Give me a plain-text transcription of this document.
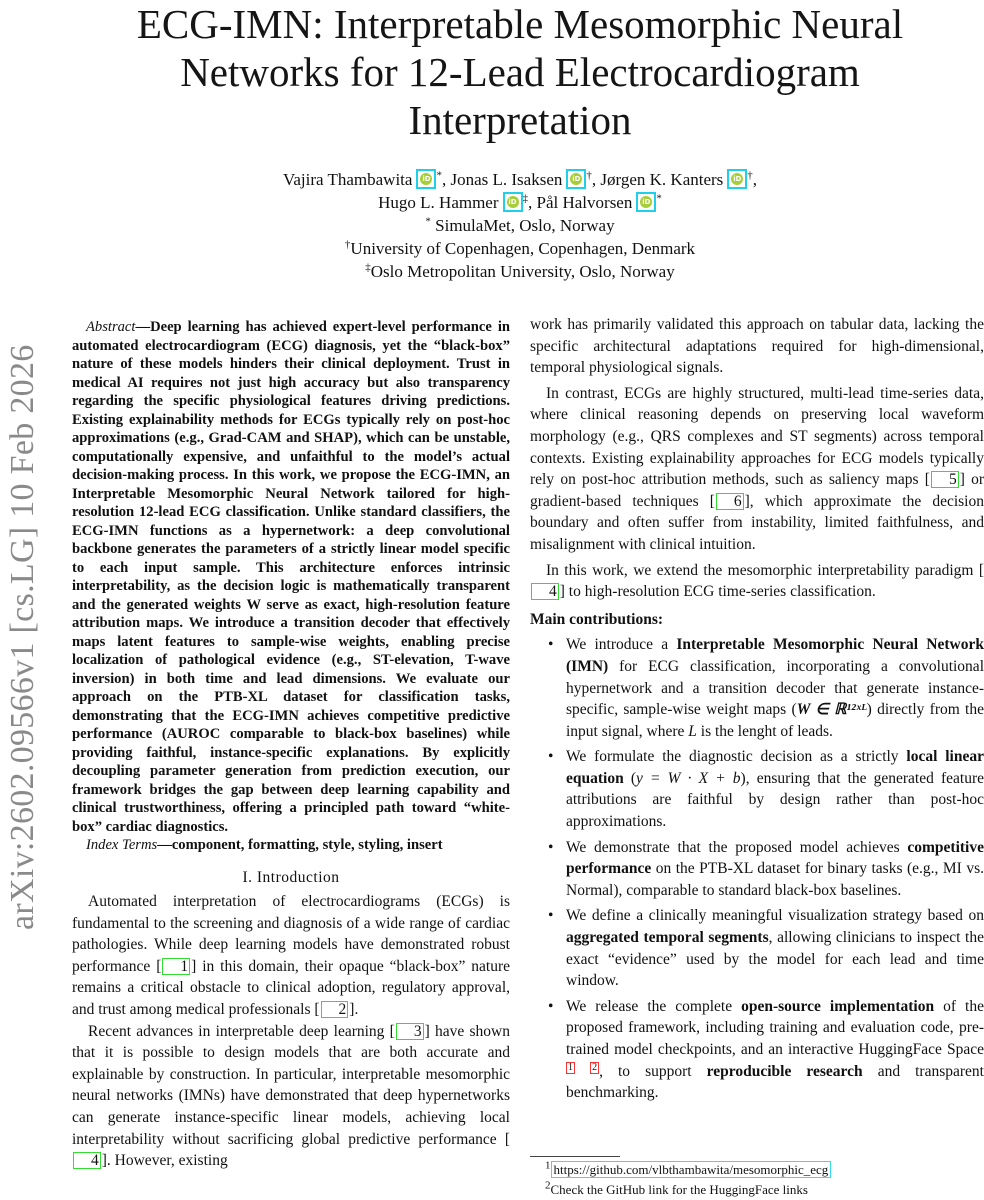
ECG-IMN: Interpretable Mesomorphic Neural Networks for 12-Lead Electrocardiogram Interpretation
Vajira Thambawita iD *, Jonas L. Isaksen iD †, Jørgen K. Kanters iD †,
Hugo L. Hammer iD ‡, Pål Halvorsen iD *
* SimulaMet, Oslo, Norway
†University of Copenhagen, Copenhagen, Denmark
‡Oslo Metropolitan University, Oslo, Norway
arXiv:2602.09566v1 [cs.LG] 10 Feb 2026

Abstract—Deep learning has achieved expert-level performance in automated electrocardiogram (ECG) diagnosis, yet the “black-box” nature of these models hinders their clinical deployment. Trust in medical AI requires not just high accuracy but also transparency regarding the specific physiological features driving predictions. Existing explainability methods for ECGs typically rely on post-hoc approximations (e.g., Grad-CAM and SHAP), which can be unstable, computationally expensive, and unfaithful to the model’s actual decision-making process. In this work, we propose the ECG-IMN, an Interpretable Mesomorphic Neural Network tailored for high-resolution 12-lead ECG classification. Unlike standard classifiers, the ECG-IMN functions as a hypernetwork: a deep convolutional backbone generates the parameters of a strictly linear model specific to each input sample. This architecture enforces intrinsic interpretability, as the decision logic is mathematically transparent and the generated weights W serve as exact, high-resolution feature attribution maps. We introduce a transition decoder that effectively maps latent features to sample-wise weights, enabling precise localization of pathological evidence (e.g., ST-elevation, T-wave inversion) in both time and lead dimensions. We evaluate our approach on the PTB-XL dataset for classification tasks, demonstrating that the ECG-IMN achieves competitive predictive performance (AUROC comparable to black-box baselines) while providing faithful, instance-specific explanations. By explicitly decoupling parameter generation from prediction execution, our framework bridges the gap between deep learning capability and clinical trustworthiness, offering a principled path toward “white-box” cardiac diagnostics.

Index Terms—component, formatting, style, styling, insert

I. Introduction

Automated interpretation of electrocardiograms (ECGs) is fundamental to the screening and diagnosis of a wide range of cardiac pathologies. While deep learning models have demonstrated robust performance [ 1 ] in this domain, their opaque “black-box” nature remains a critical obstacle to clinical adoption, regulatory approval, and trust among medical professionals [ 2 ].

Recent advances in interpretable deep learning [ 3 ] have shown that it is possible to design models that are both accurate and explainable by construction. In particular, interpretable mesomorphic neural networks (IMNs) have demonstrated that deep hypernetworks can generate instance-specific linear models, achieving local interpretability without sacrificing global predictive performance [4 ]. However, existing

work has primarily validated this approach on tabular data, lacking the specific architectural adaptations required for high-dimensional, temporal physiological signals.

In contrast, ECGs are highly structured, multi-lead time-series data, where clinical reasoning depends on preserving local waveform morphology (e.g., QRS complexes and ST segments) across temporal contexts. Existing explainability approaches for ECG models typically rely on post-hoc attribution methods, such as saliency maps [ 5 ] or gradient-based techniques [ 6 ], which approximate the decision boundary and often suffer from instability, limited faithfulness, and misalignment with clinical intuition.

In this work, we extend the mesomorphic interpretability paradigm [4 ] to high-resolution ECG time-series classification.

Main contributions:
• We introduce a Interpretable Mesomorphic Neural Network (IMN) for ECG classification, incorporating a convolutional hypernetwork and a transition decoder that generate instance-specific, sample-wise weight maps (W ∈ ℝ¹²ˣᴸ) directly from the input signal, where L is the lenght of leads.
• We formulate the diagnostic decision as a strictly local linear equation (y = W · X + b), ensuring that the generated feature attributions are faithful by design rather than post-hoc approximations.
• We demonstrate that the proposed model achieves competitive performance on the PTB-XL dataset for binary tasks (e.g., MI vs. Normal), comparable to standard black-box baselines.
• We define a clinically meaningful visualization strategy based on aggregated temporal segments, allowing clinicians to inspect the exact “evidence” used by the model for each lead and time window.
• We release the complete open-source implementation of the proposed framework, including training and evaluation code, pre-trained model checkpoints, and an interactive HuggingFace Space1 2 , to support reproducible research and transparent benchmarking.
$^1$ https://github.com/vlbthambawita/mesomorphic_ecg
$^2$Check the GitHub link for the HuggingFace links
